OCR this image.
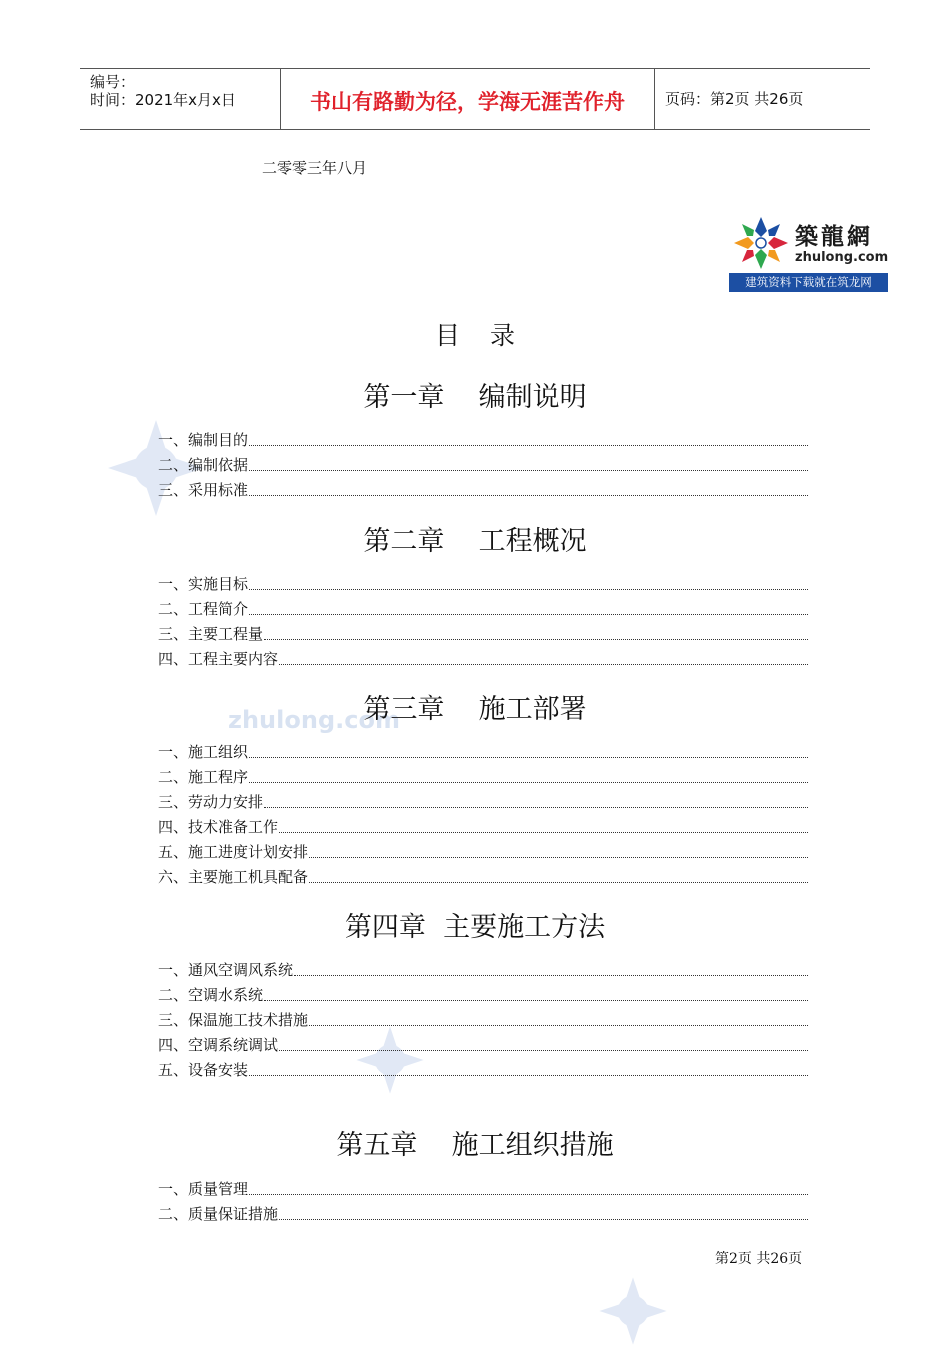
zhulong.com
编号：
时间：2021年x月x日	书山有路勤为径，学海无涯苦作舟	页码：第2页 共26页
二零零三年八月
築龍網
zhulong.com
建筑资料下载就在筑龙网
目录
第一章    编制说明
一、编制目的
二、编制依据
三、采用标准
第二章    工程概况
一、实施目标
二、工程简介
三、主要工程量
四、工程主要内容
第三章    施工部署
一、施工组织
二、施工程序
三、劳动力安排
四、技术准备工作
五、施工进度计划安排
六、主要施工机具配备
第四章  主要施工方法
一、通风空调风系统
二、空调水系统
三、保温施工技术措施
四、空调系统调试
五、设备安装
第五章    施工组织措施
一、质量管理
二、质量保证措施
第2页 共26页
